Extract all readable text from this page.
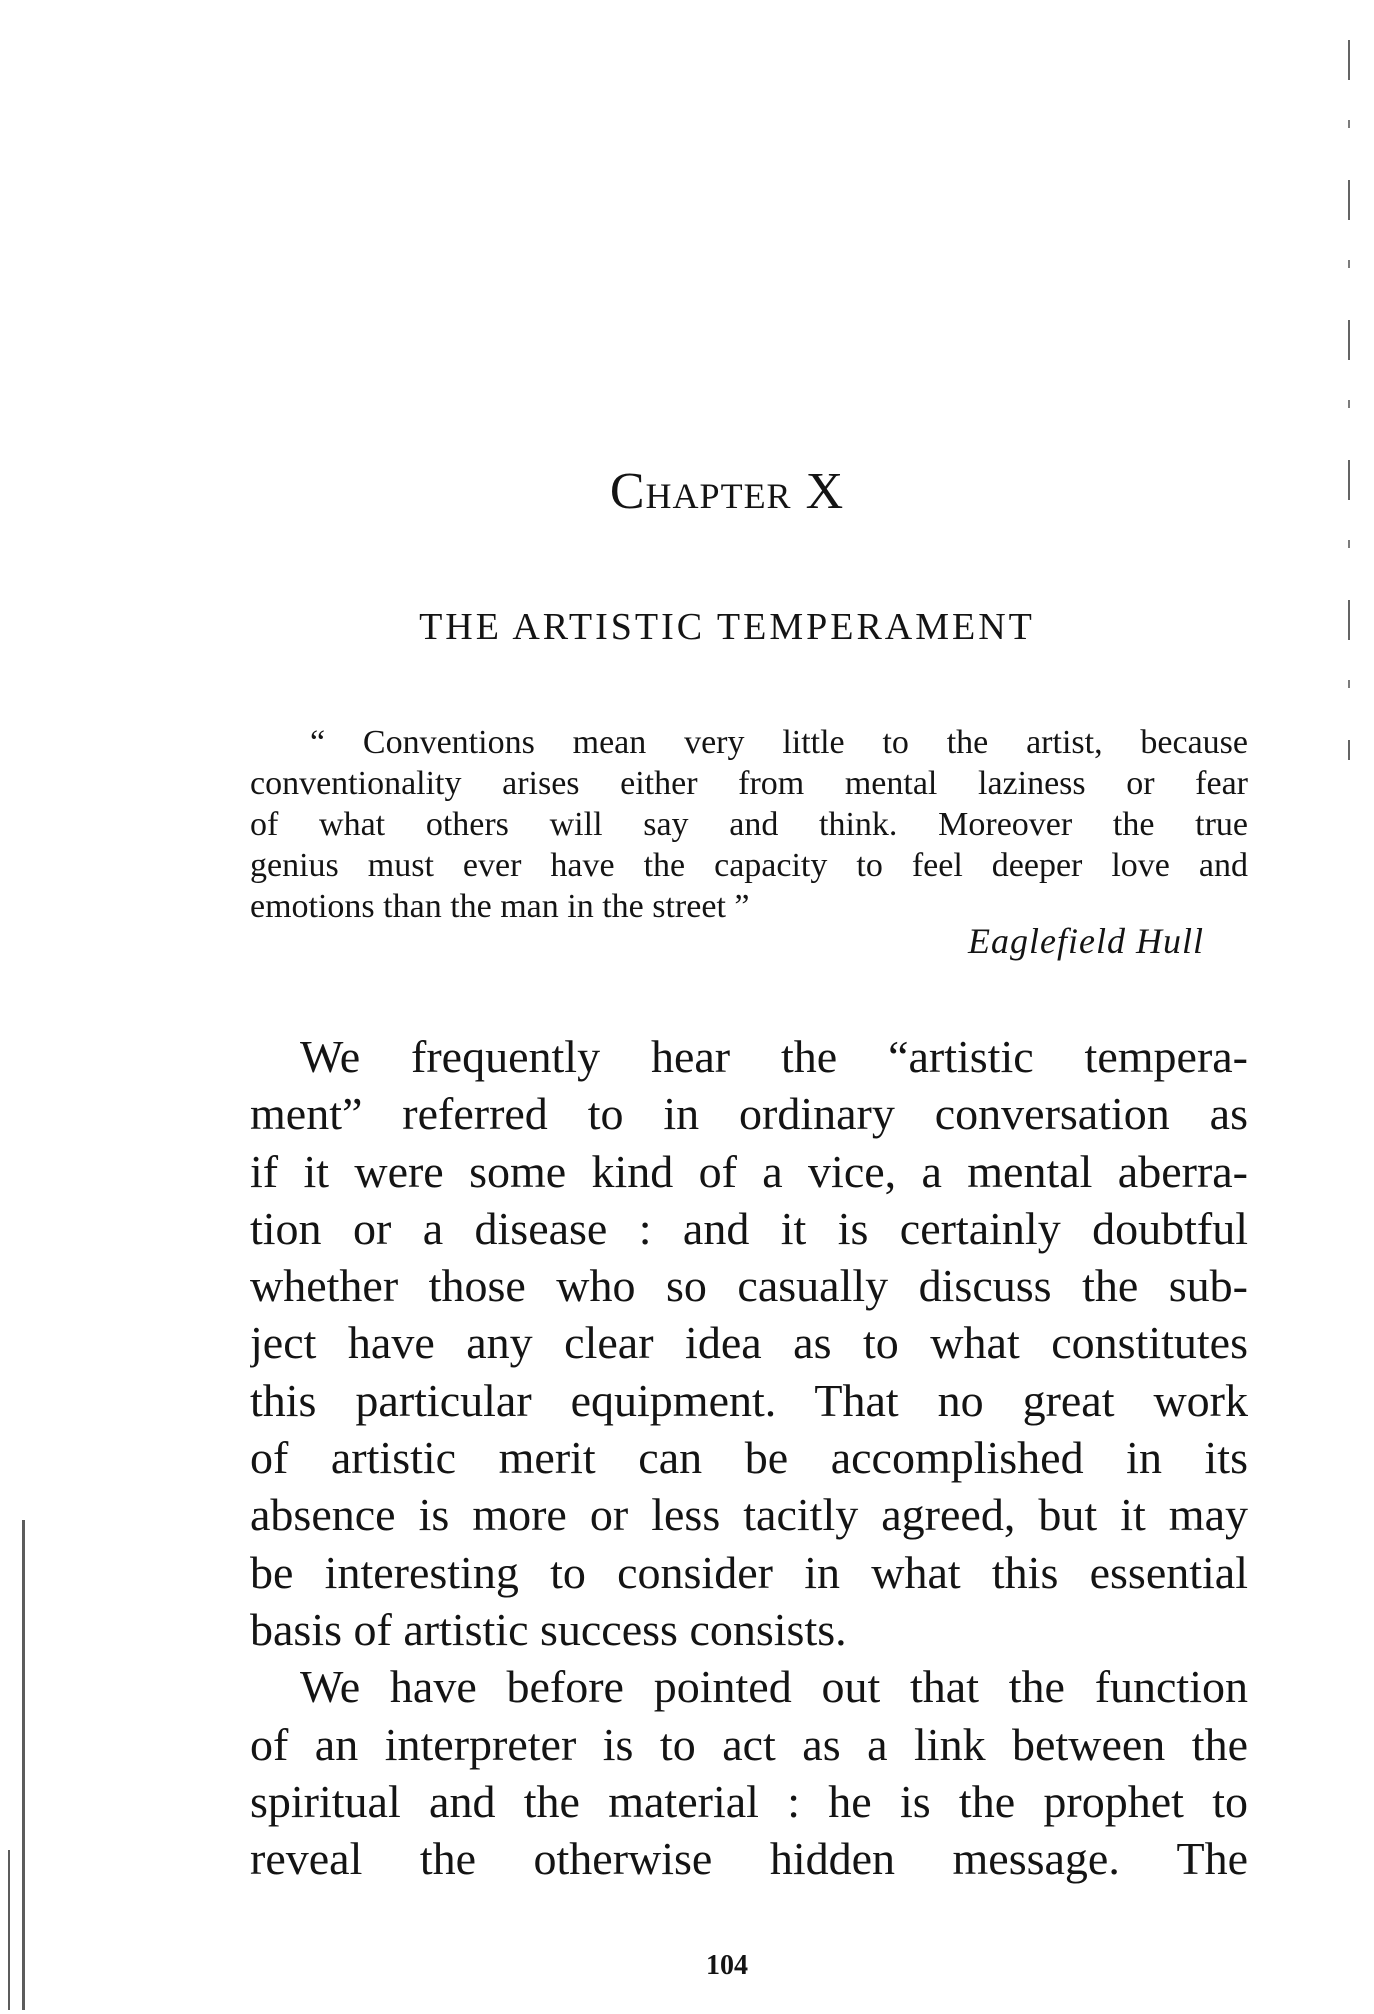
Chapter X
THE ARTISTIC TEMPERAMENT
“ Conventions mean very little to the artist, because
conventionality arises either from mental laziness or fear
of what others will say and think. Moreover the true
genius must ever have the capacity to feel deeper love and
emotions than the man in the street ”
Eaglefield Hull
We frequently hear the “artistic tempera-
ment” referred to in ordinary conversation as
if it were some kind of a vice, a mental aberra-
tion or a disease : and it is certainly doubtful
whether those who so casually discuss the sub-
ject have any clear idea as to what constitutes
this particular equipment. That no great work
of artistic merit can be accomplished in its
absence is more or less tacitly agreed, but it may
be interesting to consider in what this essential
basis of artistic success consists.
We have before pointed out that the function
of an interpreter is to act as a link between the
spiritual and the material : he is the prophet to
reveal the otherwise hidden message. The
104
